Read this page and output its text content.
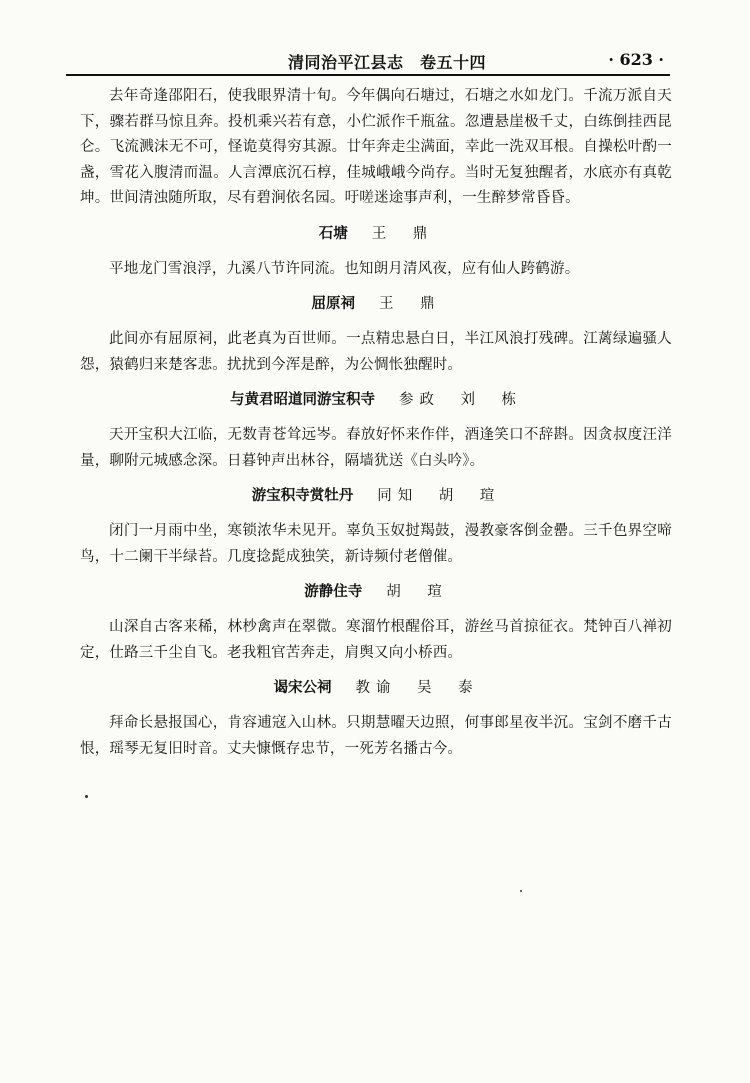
清同治平江县志　卷五十四	· 623 ·

去年奇逢邵阳石，使我眼界清十旬。今年偶向石塘过，石塘之水如龙门。千流万派自天下，骤若群马惊且奔。投机乘兴若有意，小伫派作千瓶盆。忽遭悬崖极千丈，白练倒挂西昆仑。飞流溅沫无不可，怪诡莫得穷其源。廿年奔走尘满面，幸此一洗双耳根。自操松叶酌一盏，雪花入腹清而温。人言潭底沉石椁，佳城峨峨今尚存。当时无复独醒者，水底亦有真乾坤。世间清浊随所取，尽有碧涧依名园。吁嗟迷途事声利，一生醉梦常昏昏。

石塘 王　鼎

平地龙门雪浪浮，九溪八节许同流。也知朗月清风夜，应有仙人跨鹤游。

屈原祠 王　鼎

此间亦有屈原祠，此老真为百世师。一点精忠悬白日，半江风浪打残碑。江蓠绿遍骚人怨，猿鹤归来楚客悲。扰扰到今浑是醉，为公惆怅独醒时。

与黄君昭道同游宝积寺 参政　刘　栋

天开宝积大江临，无数青苍耸远岑。春放好怀来作伴，酒逢笑口不辞斟。因贪叔度汪洋量，聊附元城感念深。日暮钟声出林谷，隔墙犹送《白头吟》。

游宝积寺赏牡丹 同知　胡　瑄

闭门一月雨中坐，寒锁浓华未见开。辜负玉奴挝羯鼓，漫教豪客倒金罍。三千色界空啼鸟，十二阑干半绿苔。几度捻髭成独笑，新诗频付老僧催。

游静住寺 胡　瑄

山深自古客来稀，林杪禽声在翠微。寒溜竹根醒俗耳，游丝马首掠征衣。梵钟百八禅初定，仕路三千尘自飞。老我粗官苦奔走，肩舆又向小桥西。

谒宋公祠 教谕　吴　泰

拜命长悬报国心，肯容逋寇入山林。只期慧曜天边照，何事郎星夜半沉。宝剑不磨千古恨，瑶琴无复旧时音。丈夫慷慨存忠节，一死芳名播古今。
